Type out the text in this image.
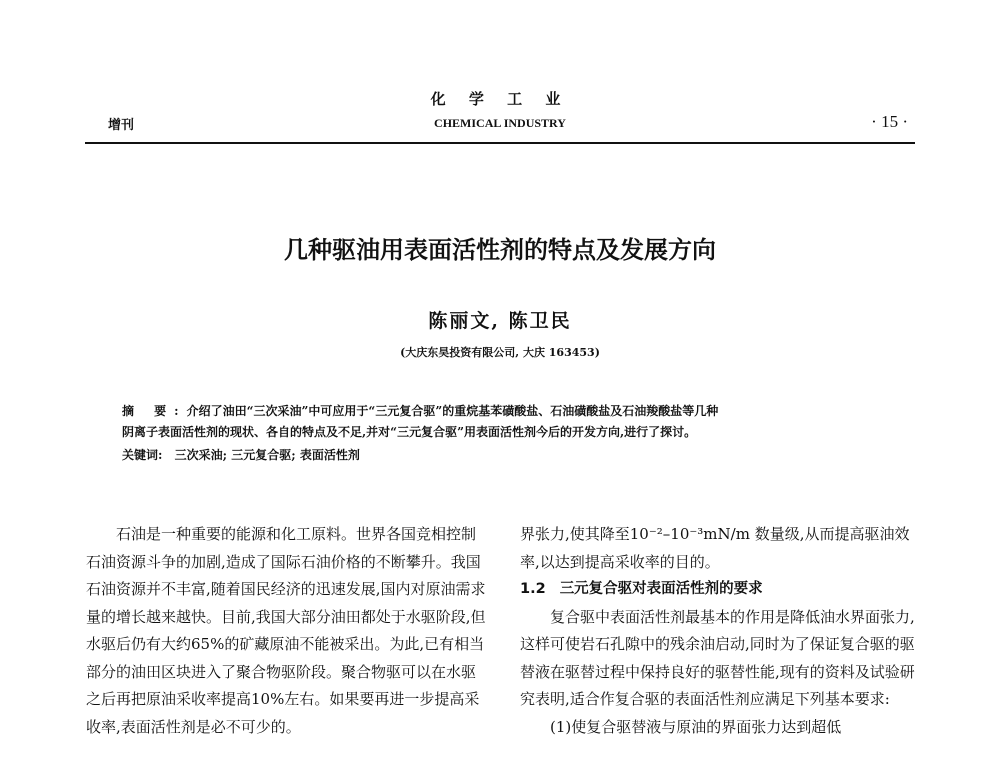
化 学 工 业
增刊	CHEMICAL INDUSTRY	· 15 ·
几种驱油用表面活性剂的特点及发展方向
陈丽文, 陈卫民
(大庆东昊投资有限公司, 大庆 163453)
摘 要:介绍了油田“三次采油”中可应用于“三元复合驱”的重烷基苯磺酸盐、石油磺酸盐及石油羧酸盐等几种
阴离子表面活性剂的现状、各自的特点及不足,并对“三元复合驱”用表面活性剂今后的开发方向,进行了探讨。
关键词: 三次采油; 三元复合驱; 表面活性剂

石油是一种重要的能源和化工原料。世界各国竞相控制石油资源斗争的加剧,造成了国际石油价格的不断攀升。我国石油资源并不丰富,随着国民经济的迅速发展,国内对原油需求量的增长越来越快。目前,我国大部分油田都处于水驱阶段,但水驱后仍有大约65%的矿藏原油不能被采出。为此,已有相当部分的油田区块进入了聚合物驱阶段。聚合物驱可以在水驱之后再把原油采收率提高10%左右。如果要再进一步提高采收率,表面活性剂是必不可少的。

界张力,使其降至10⁻²–10⁻³mN/m 数量级,从而提高驱油效率,以达到提高采收率的目的。

1.2 三元复合驱对表面活性剂的要求

复合驱中表面活性剂最基本的作用是降低油水界面张力,这样可使岩石孔隙中的残余油启动,同时为了保证复合驱的驱替液在驱替过程中保持良好的驱替性能,现有的资料及试验研究表明,适合作复合驱的表面活性剂应满足下列基本要求:

(1)使复合驱替液与原油的界面张力达到超低
